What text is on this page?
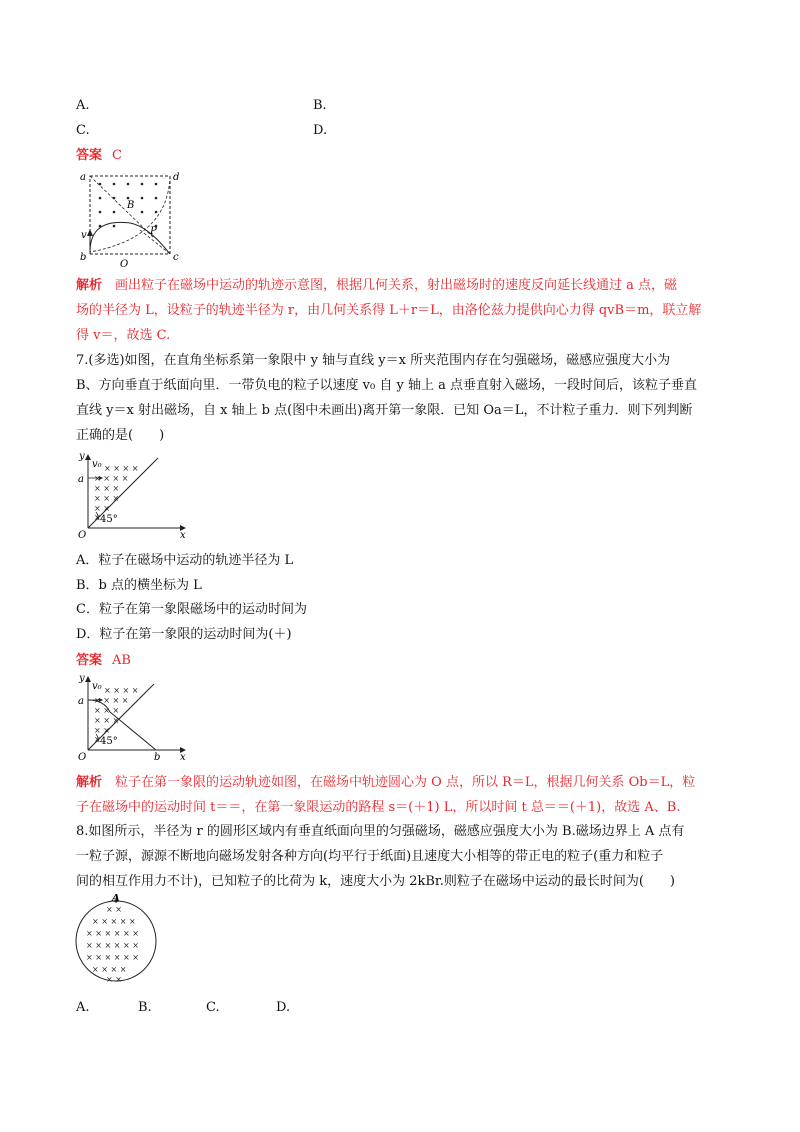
A.	B.
C.	D.
答案 C
a	d
b	c
B
P
v
O
解析　 画出粒子在磁场中运动的轨迹示意图，根据几何关系，射出磁场时的速度反向延长线通过 a 点，磁
场的半径为 L，设粒子的轨迹半径为 r，由几何关系得 L＋r＝L，由洛伦兹力提供向心力得 qvB＝m，联立解
得 v＝，故选 C.
7.(多选)如图，在直角坐标系第一象限中 y 轴与直线 y＝x 所夹范围内存在匀强磁场，磁感应强度大小为
B、方向垂直于纸面向里．一带负电的粒子以速度 v₀ 自 y 轴上 a 点垂直射入磁场，一段时间后，该粒子垂直
直线 y＝x 射出磁场，自 x 轴上 b 点(图中未画出)离开第一象限．已知 Oa＝L，不计粒子重力．则下列判断
正确的是(　　)
× × × ×
× × × ×
× × ×
× × ×
× ×
×
y
v₀
a
45°
O	x
A．粒子在磁场中运动的轨迹半径为 L
B．b 点的横坐标为 L
C．粒子在第一象限磁场中的运动时间为
D．粒子在第一象限的运动时间为(＋)
答案 AB
× × × ×
× × × ×
× × ×
× × ×
× ×
×
y
v₀
a
45°
O	b x
解析　 粒子在第一象限的运动轨迹如图，在磁场中轨迹圆心为 O 点，所以 R＝L，根据几何关系 Ob＝L，粒
子在磁场中的运动时间 t＝＝，在第一象限运动的路程 s＝(＋1) L，所以时间 t 总＝＝(＋1)，故选 A、B.
8.如图所示，半径为 r 的圆形区域内有垂直纸面向里的匀强磁场，磁感应强度大小为 B.磁场边界上 A 点有
一粒子源，源源不断地向磁场发射各种方向(均平行于纸面)且速度大小相等的带正电的粒子(重力和粒子
间的相互作用力不计)，已知粒子的比荷为 k，速度大小为 2kBr.则粒子在磁场中运动的最长时间为(　　)
× ×
× × × × ×
× × × × × ×
× × × × × ×
× × × × × ×
× × × ×
× ×
A
A.	B.	C.	D.
